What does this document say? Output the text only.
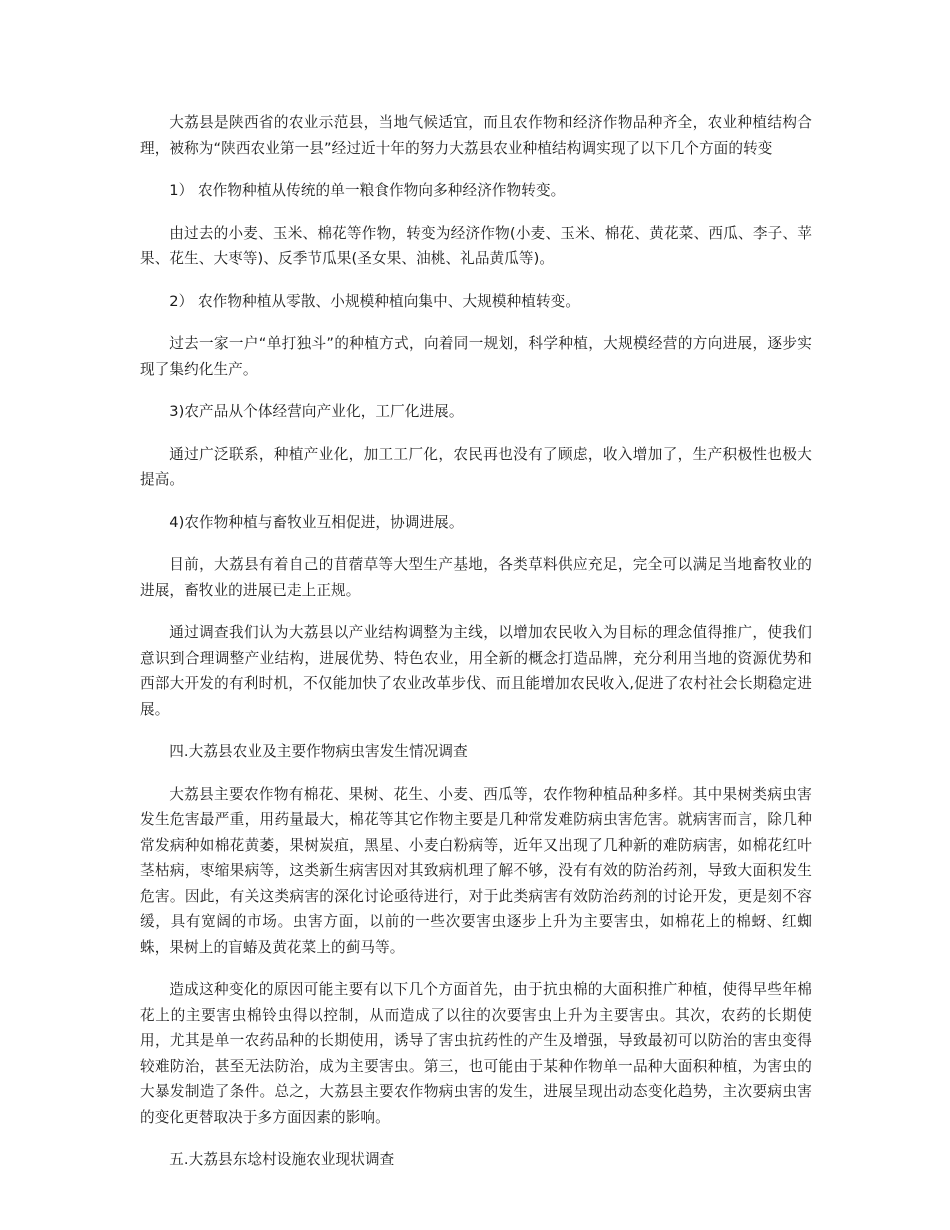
大荔县是陕西省的农业示范县，当地气候适宜，而且农作物和经济作物品种齐全，农业种植结构合理，被称为“陕西农业第一县”经过近十年的努力大荔县农业种植结构调实现了以下几个方面的转变

1） 农作物种植从传统的单一粮食作物向多种经济作物转变。

由过去的小麦、玉米、棉花等作物，转变为经济作物(小麦、玉米、棉花、黄花菜、西瓜、李子、苹果、花生、大枣等)、反季节瓜果(圣女果、油桃、礼品黄瓜等)。

2） 农作物种植从零散、小规模种植向集中、大规模种植转变。

过去一家一户“单打独斗”的种植方式，向着同一规划，科学种植，大规模经营的方向进展，逐步实现了集约化生产。

3)农产品从个体经营向产业化，工厂化进展。

通过广泛联系，种植产业化，加工工厂化，农民再也没有了顾虑，收入增加了，生产积极性也极大提高。

4)农作物种植与畜牧业互相促进，协调进展。

目前，大荔县有着自己的苜蓿草等大型生产基地，各类草料供应充足，完全可以满足当地畜牧业的进展，畜牧业的进展已走上正规。

通过调查我们认为大荔县以产业结构调整为主线，以增加农民收入为目标的理念值得推广，使我们意识到合理调整产业结构，进展优势、特色农业，用全新的概念打造品牌，充分利用当地的资源优势和西部大开发的有利时机，不仅能加快了农业改革步伐、而且能增加农民收入,促进了农村社会长期稳定进展。

四.大荔县农业及主要作物病虫害发生情况调查

大荔县主要农作物有棉花、果树、花生、小麦、西瓜等，农作物种植品种多样。其中果树类病虫害发生危害最严重，用药量最大，棉花等其它作物主要是几种常发难防病虫害危害。就病害而言，除几种常发病种如棉花黄萎，果树炭疽，黑星、小麦白粉病等，近年又出现了几种新的难防病害，如棉花红叶茎枯病，枣缩果病等，这类新生病害因对其致病机理了解不够，没有有效的防治药剂，导致大面积发生危害。因此，有关这类病害的深化讨论亟待进行，对于此类病害有效防治药剂的讨论开发，更是刻不容缓，具有宽阔的市场。虫害方面，以前的一些次要害虫逐步上升为主要害虫，如棉花上的棉蚜、红蜘蛛，果树上的盲蝽及黄花菜上的蓟马等。

造成这种变化的原因可能主要有以下几个方面首先，由于抗虫棉的大面积推广种植，使得早些年棉花上的主要害虫棉铃虫得以控制，从而造成了以往的次要害虫上升为主要害虫。其次，农药的长期使用，尤其是单一农药品种的长期使用，诱导了害虫抗药性的产生及增强，导致最初可以防治的害虫变得较难防治，甚至无法防治，成为主要害虫。第三，也可能由于某种作物单一品种大面积种植，为害虫的大暴发制造了条件。总之，大荔县主要农作物病虫害的发生，进展呈现出动态变化趋势，主次要病虫害的变化更替取决于多方面因素的影响。

五.大荔县东埝村设施农业现状调查
